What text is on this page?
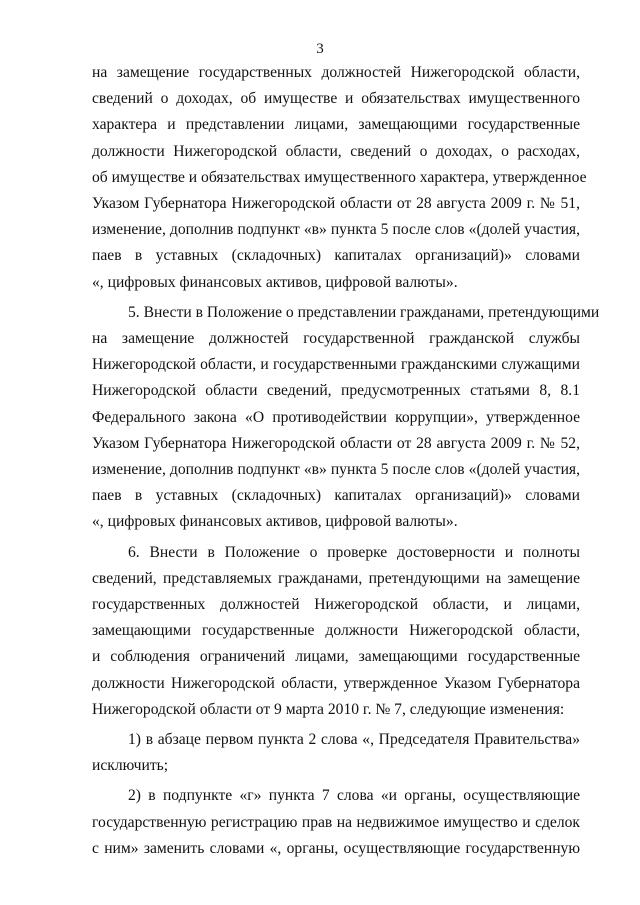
3
на замещение государственных должностей Нижегородской области,
сведений о доходах, об имуществе и обязательствах имущественного
характера и представлении лицами, замещающими государственные
должности Нижегородской области, сведений о доходах, о расходах,
об имуществе и обязательствах имущественного характера, утвержденное
Указом Губернатора Нижегородской области от 28 августа 2009 г. № 51,
изменение, дополнив подпункт «в» пункта 5 после слов «(долей участия,
паев в уставных (складочных) капиталах организаций)» словами
«, цифровых финансовых активов, цифровой валюты».
5. Внести в Положение о представлении гражданами, претендующими
на замещение должностей государственной гражданской службы
Нижегородской области, и государственными гражданскими служащими
Нижегородской области сведений, предусмотренных статьями 8, 8.1
Федерального закона «О противодействии коррупции», утвержденное
Указом Губернатора Нижегородской области от 28 августа 2009 г. № 52,
изменение, дополнив подпункт «в» пункта 5 после слов «(долей участия,
паев в уставных (складочных) капиталах организаций)» словами
«, цифровых финансовых активов, цифровой валюты».
6. Внести в Положение о проверке достоверности и полноты
сведений, представляемых гражданами, претендующими на замещение
государственных должностей Нижегородской области, и лицами,
замещающими государственные должности Нижегородской области,
и соблюдения ограничений лицами, замещающими государственные
должности Нижегородской области, утвержденное Указом Губернатора
Нижегородской области от 9 марта 2010 г. № 7, следующие изменения:
1) в абзаце первом пункта 2 слова «, Председателя Правительства»
исключить;
2) в подпункте «г» пункта 7 слова «и органы, осуществляющие
государственную регистрацию прав на недвижимое имущество и сделок
с ним» заменить словами «, органы, осуществляющие государственную
